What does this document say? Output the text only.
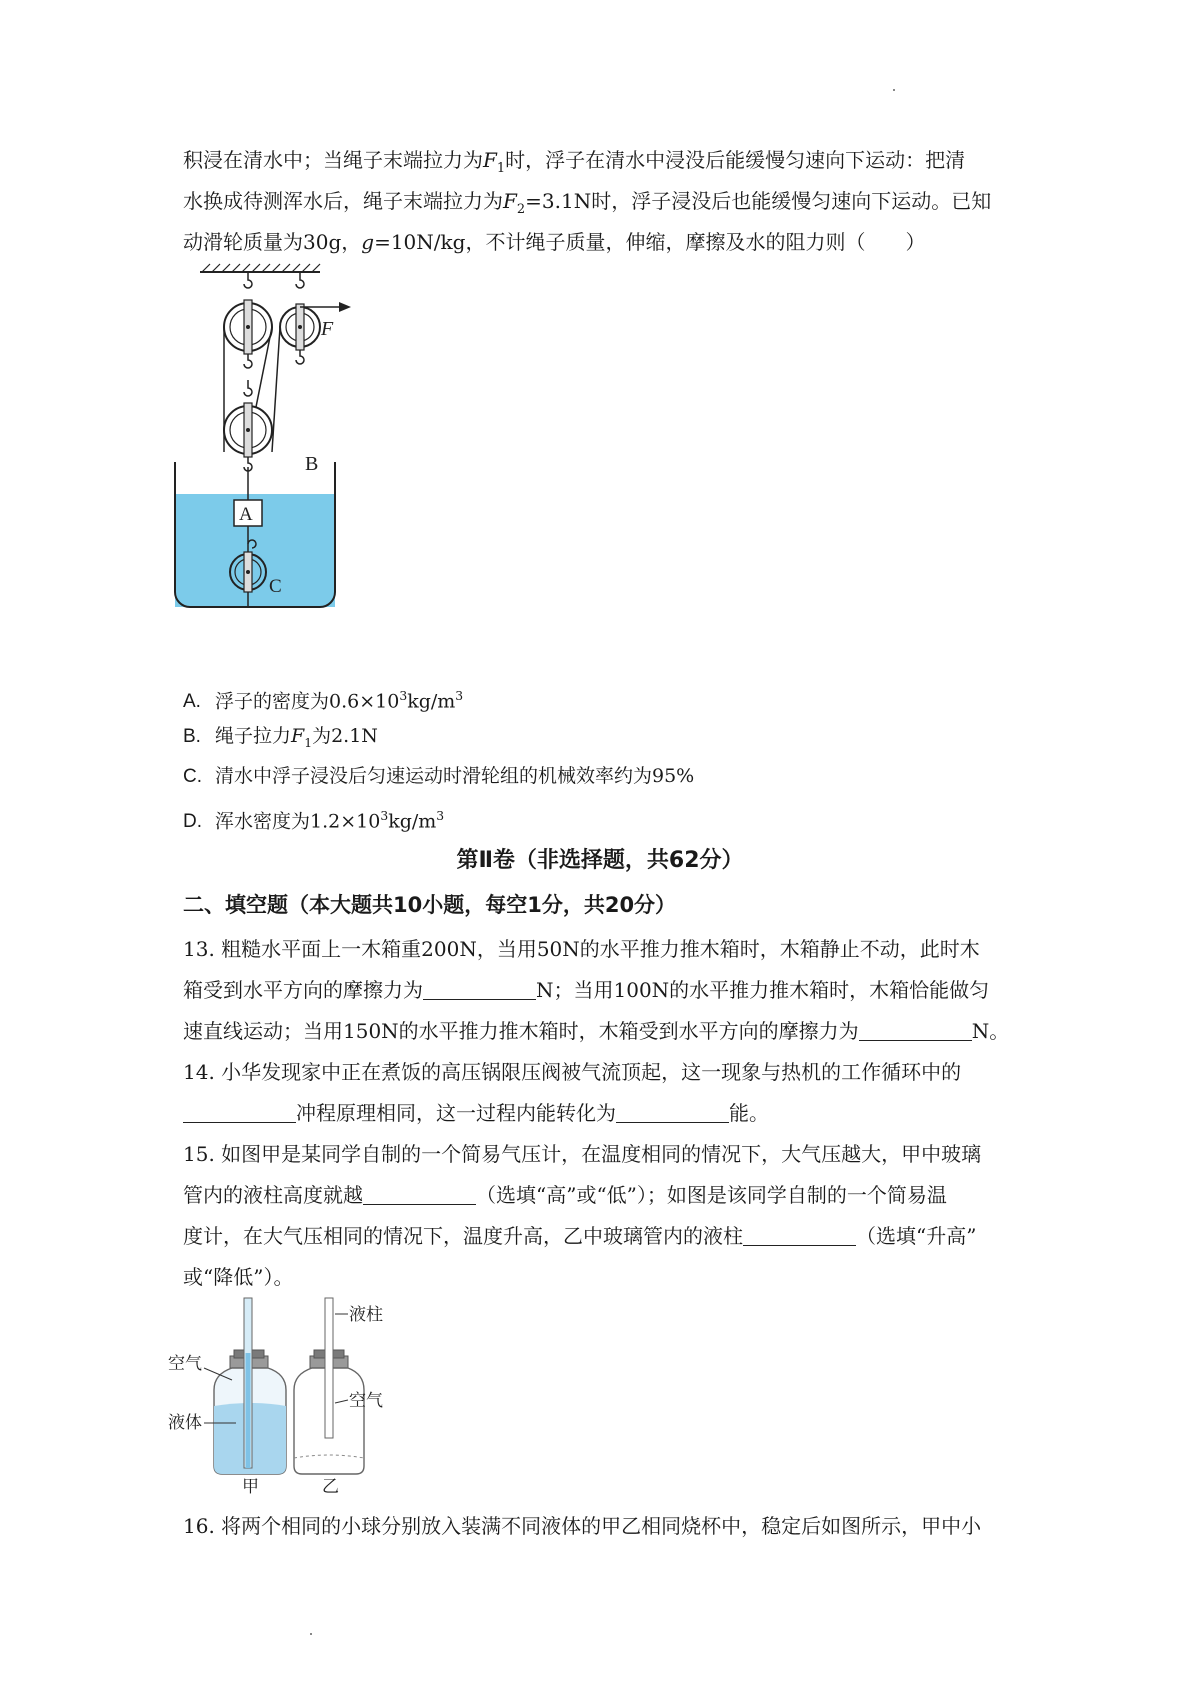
积浸在清水中；当绳子末端拉力为$F_1$时，浮子在清水中浸没后能缓慢匀速向下运动：把清
水换成待测浑水后，绳子末端拉力为$F_2=3.1N$时，浮子浸没后也能缓慢匀速向下运动。已知
动滑轮质量为30g，g=10N/kg，不计绳子质量，伸缩，摩擦及水的阻力则（　　）
F
B
A
C
A. 浮子的密度为$0.6\times 10^3kg/m^3$
B. 绳子拉力$F_1$为2.1N
C. 清水中浮子浸没后匀速运动时滑轮组的机械效率约为95%
D. 浑水密度为$1.2\times 10^3kg/m^3$
第Ⅱ卷（非选择题，共62分）
二、填空题（本大题共10小题，每空1分，共20分）
13. 粗糙水平面上一木箱重200N，当用50N的水平推力推木箱时，木箱静止不动，此时木
箱受到水平方向的摩擦力为	N；当用100N的水平推力推木箱时，木箱恰能做匀
速直线运动；当用150N的水平推力推木箱时，木箱受到水平方向的摩擦力为	N。
14. 小华发现家中正在煮饭的高压锅限压阀被气流顶起，这一现象与热机的工作循环中的
冲程原理相同，这一过程内能转化为	能。
15. 如图甲是某同学自制的一个简易气压计，在温度相同的情况下，大气压越大，甲中玻璃
管内的液柱高度就越	（选填“高”或“低”）；如图是该同学自制的一个简易温
度计，在大气压相同的情况下，温度升高，乙中玻璃管内的液柱	（选填“升高”
或“降低”）。
空气
液体
液柱
空气
甲	乙
16. 将两个相同的小球分别放入装满不同液体的甲乙相同烧杯中，稳定后如图所示，甲中小
